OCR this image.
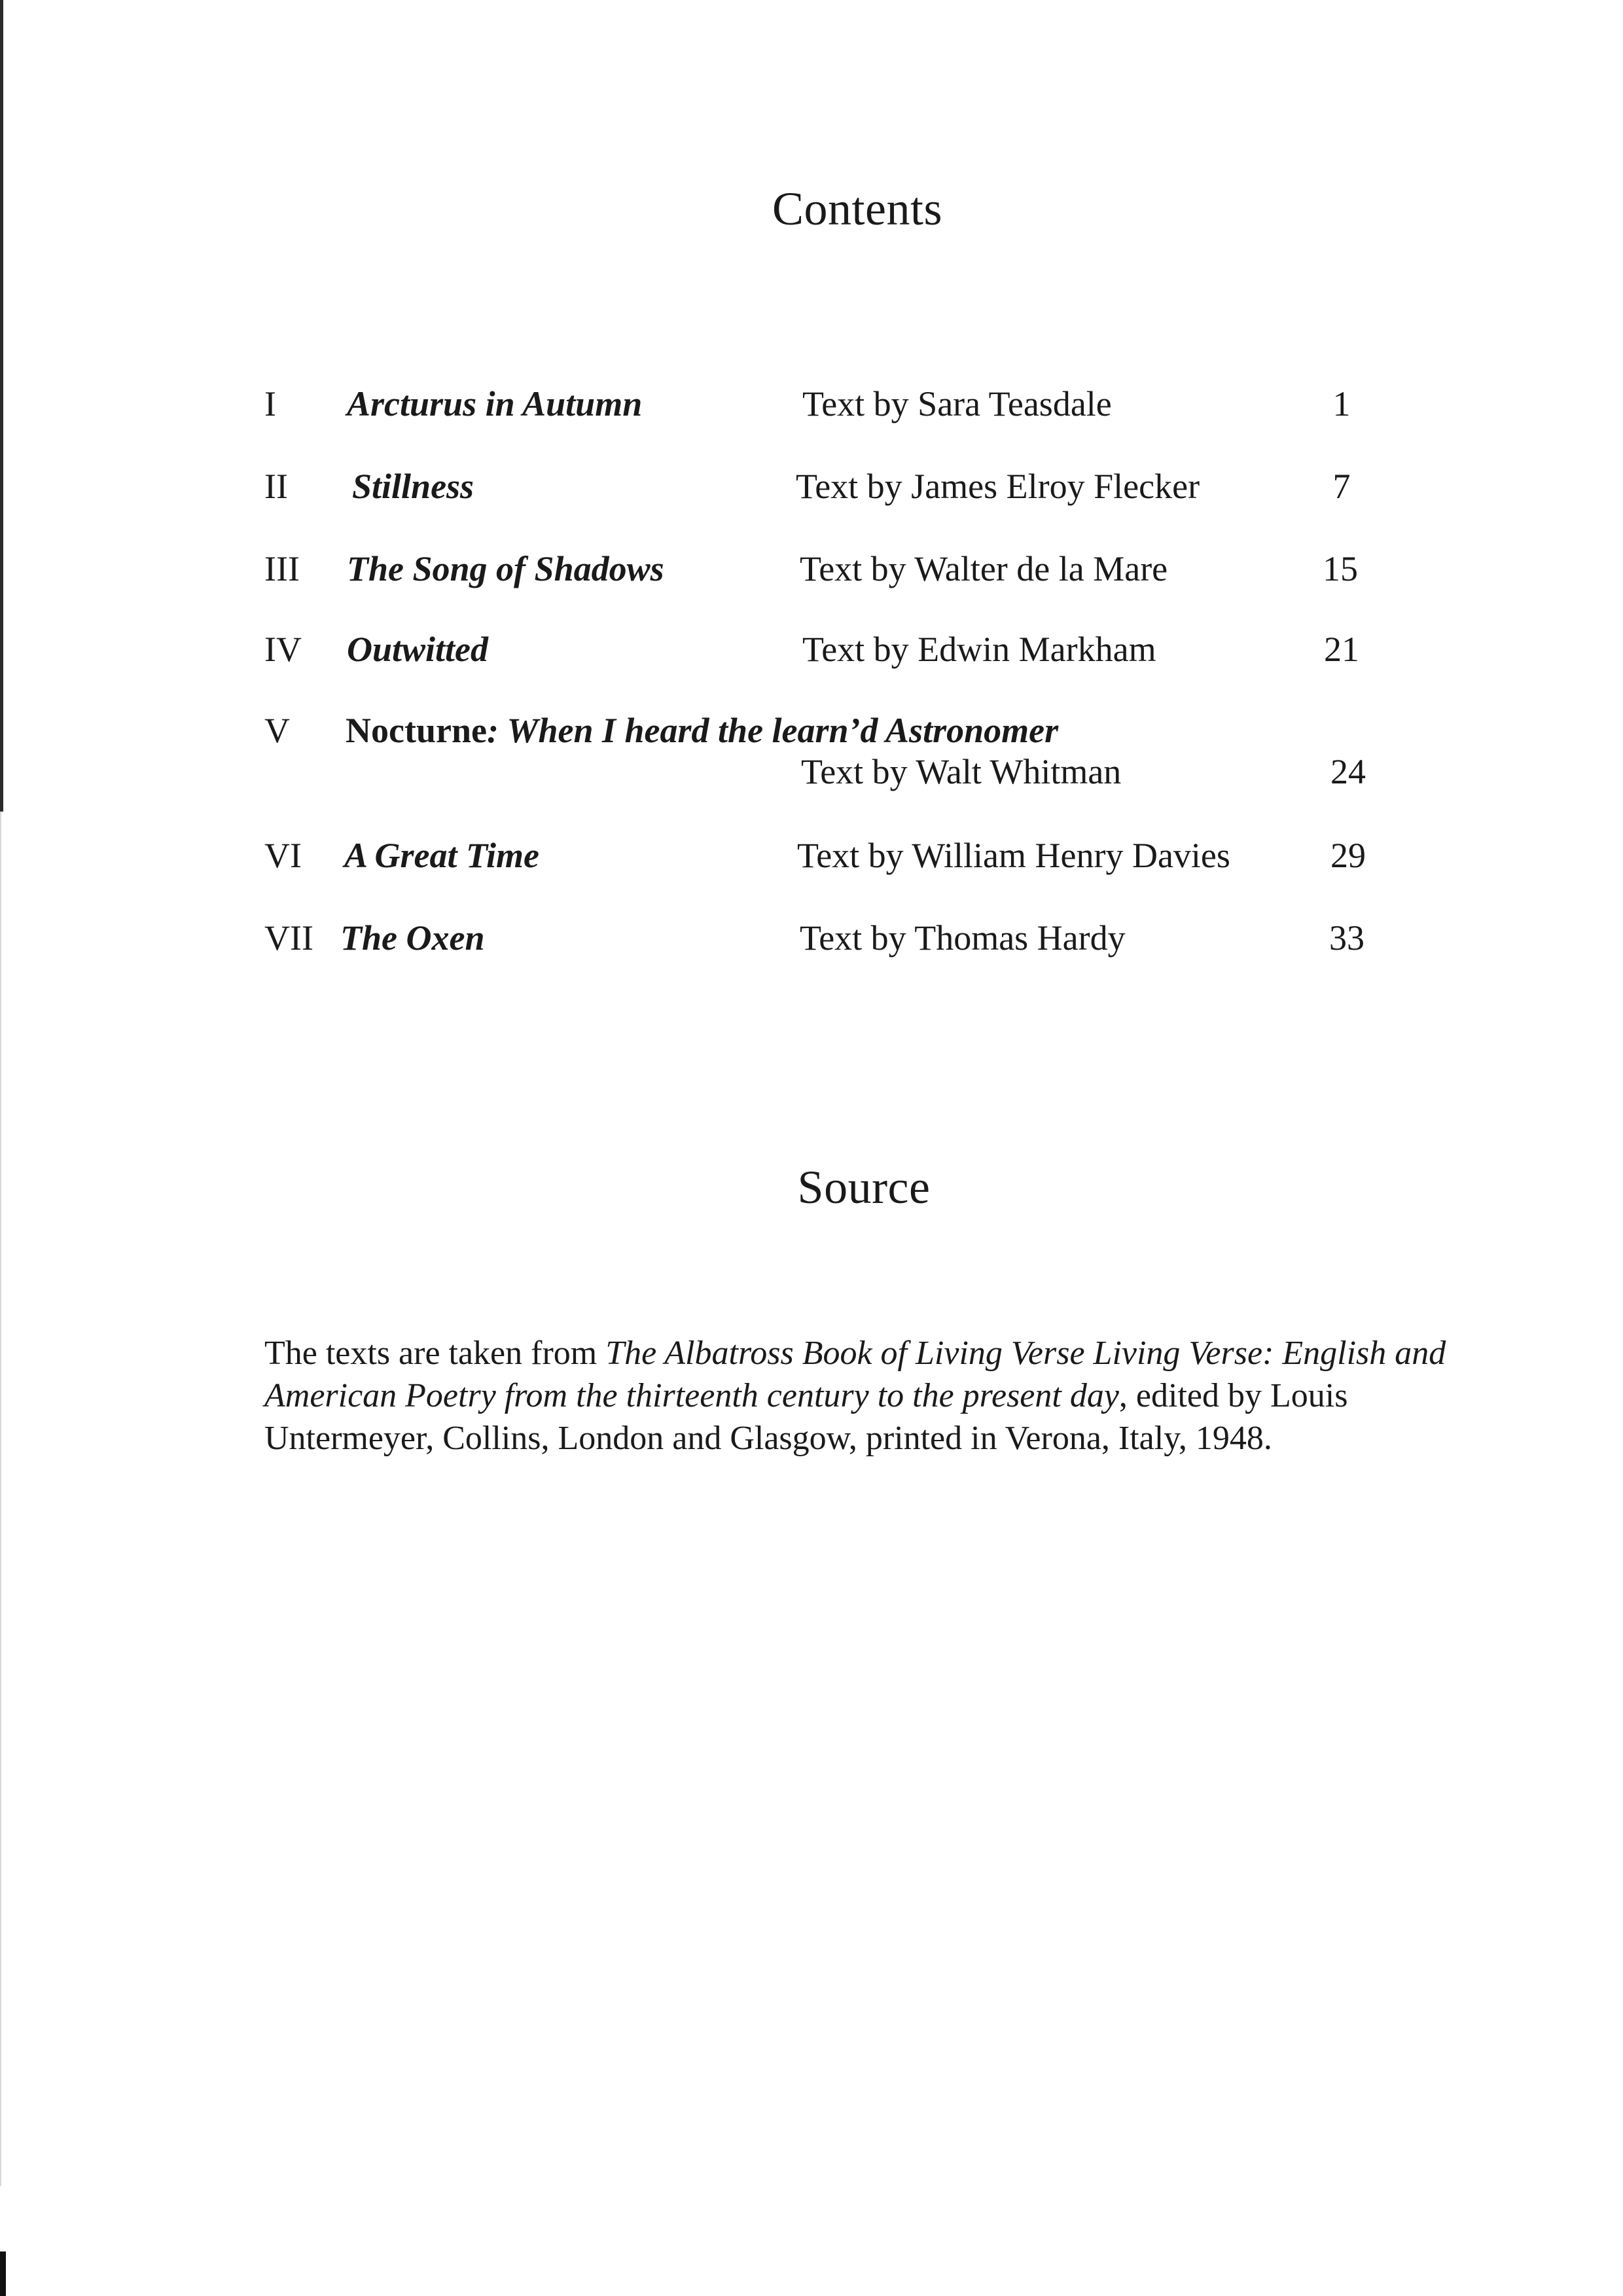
Contents
I Arcturus in Autumn	Text by Sara Teasdale	1
II Stillness	Text by James Elroy Flecker	7
III The Song of Shadows	Text by Walter de la Mare	15
IV Outwitted	Text by Edwin Markham	21
V Nocturne: When I heard the learn’d Astronomer
Text by Walt Whitman	24
VI A Great Time	Text by William Henry Davies	29
VII The Oxen	Text by Thomas Hardy	33
Source

The texts are taken from The Albatross Book of Living Verse Living Verse: English and American Poetry from the thirteenth century to the present day, edited by Louis Untermeyer, Collins, London and Glasgow, printed in Verona, Italy, 1948.
